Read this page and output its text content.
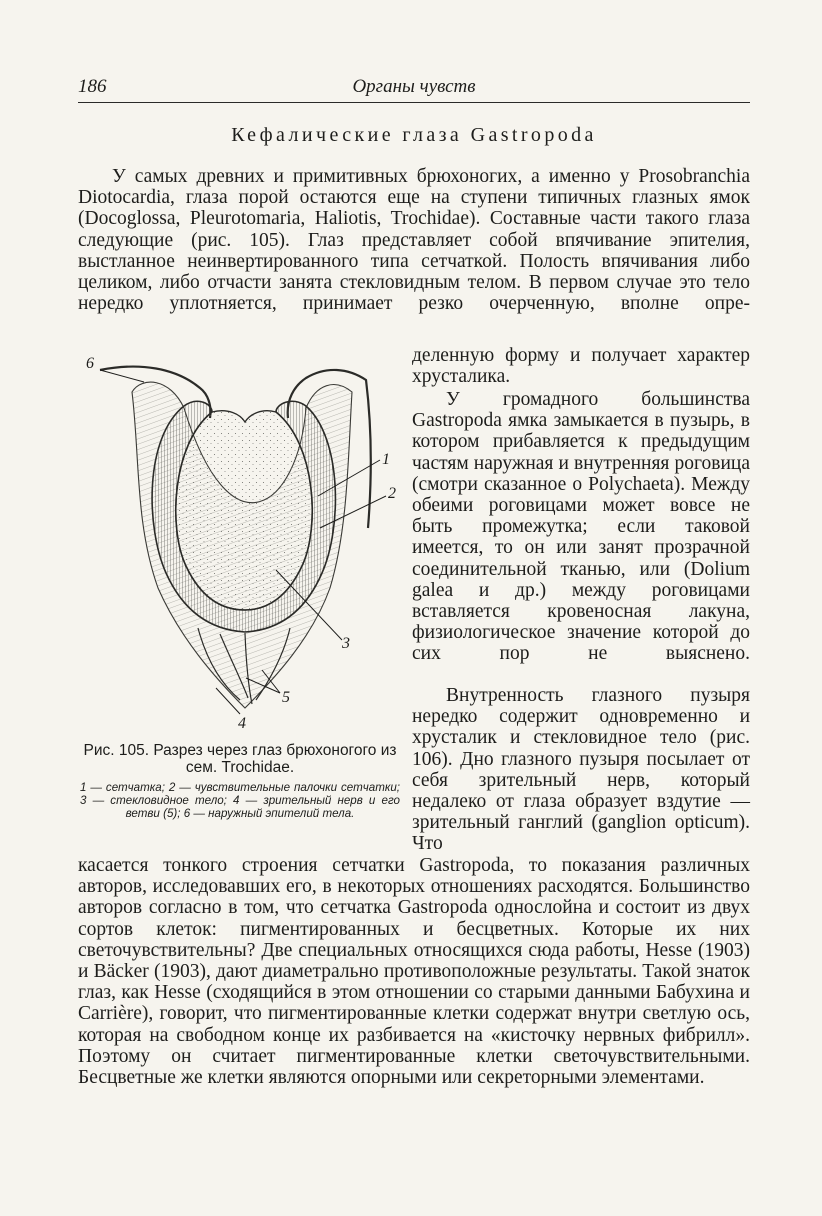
186	Органы чувств
Кефалические глаза Gastropoda

У самых древних и примитивных брюхоногих, а именно у Prosobranchia Diotocardia, глаза порой остаются еще на ступени типичных глазных ямок (Docoglossa, Pleurotomaria, Haliotis, Trochidae). Составные части такого глаза следующие (рис. 105). Глаз представляет собой впячивание эпителия, выстланное неинвертированного типа сетчаткой. Полость впячивания либо целиком, либо отчасти занята стекловидным телом. В первом случае это тело нередко уплотняется, принимает резко очерченную, вполне опре-

деленную форму и получает характер хрусталика.

У громадного большинства Gastropoda ямка замыкается в пузырь, в котором прибавляется к предыдущим частям наружная и внутренняя роговица (смотри сказанное о Polychaeta). Между обеими роговицами может вовсе не быть промежутка; если таковой имеется, то он или занят прозрачной соединительной тканью, или (Dolium galea и др.) между роговицами вставляется кровеносная лакуна, физиологическое значение которой до сих пор не выяснено.

Внутренность глазного пузыря нередко содержит одновременно и хрусталик и стекловидное тело (рис. 106). Дно глазного пузыря посылает от себя зрительный нерв, который недалеко от глаза образует вздутие — зрительный ганглий (ganglion opticum). Что

касается тонкого строения сетчатки Gastropoda, то показания различных авторов, исследовавших его, в некоторых отношениях расходятся. Большинство авторов согласно в том, что сетчатка Gastropoda однослойна и состоит из двух сортов клеток: пигментированных и бесцветных. Которые их них светочувствительны? Две специальных относящихся сюда работы, Hesse (1903) и Bäcker (1903), дают диаметрально противоположные результаты. Такой знаток глаз, как Hesse (сходящийся в этом отношении со старыми данными Бабухина и Carrière), говорит, что пигментированные клетки содержат внутри светлую ось, которая на свободном конце их разбивается на «кисточку нервных фибрилл». Поэтому он считает пигментированные клетки светочувствительными. Бесцветные же клетки являются опорными или секреторными элементами.

6
1
2
3
5
4
Рис. 105. Разрез через глаз брюхоногого из сем. Trochidae.
1 — сетчатка; 2 — чувствительные палочки сетчатки; 3 — стекловидное тело; 4 — зрительный нерв и его ветви (5); 6 — наружный эпителий тела.
